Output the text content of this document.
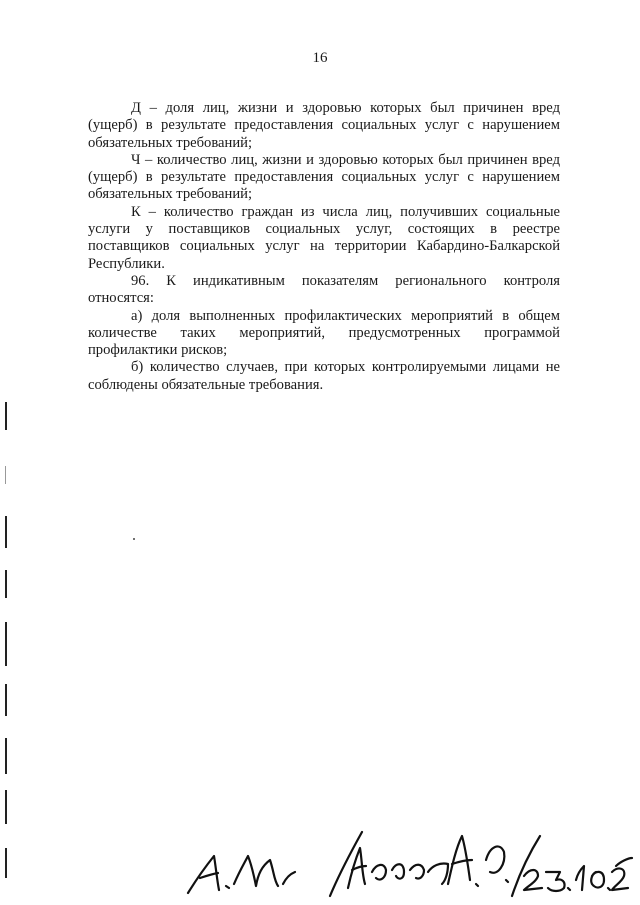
16

Д – доля лиц, жизни и здоровью которых был причинен вред (ущерб) в результате предоставления социальных услуг с нарушением обязательных требований;

Ч – количество лиц, жизни и здоровью которых был причинен вред (ущерб) в результате предоставления социальных услуг с нарушением обязательных требований;

К – количество граждан из числа лиц, получивших социальные услуги у поставщиков социальных услуг, состоящих в реестре поставщиков социальных услуг на территории Кабардино-Балкарской Республики.

96. К индикативным показателям регионального контроля относятся:

а) доля выполненных профилактических мероприятий в общем количестве таких мероприятий, предусмотренных программой профилактики рисков;

б) количество случаев, при которых контролируемыми лицами не соблюдены обязательные требования.
